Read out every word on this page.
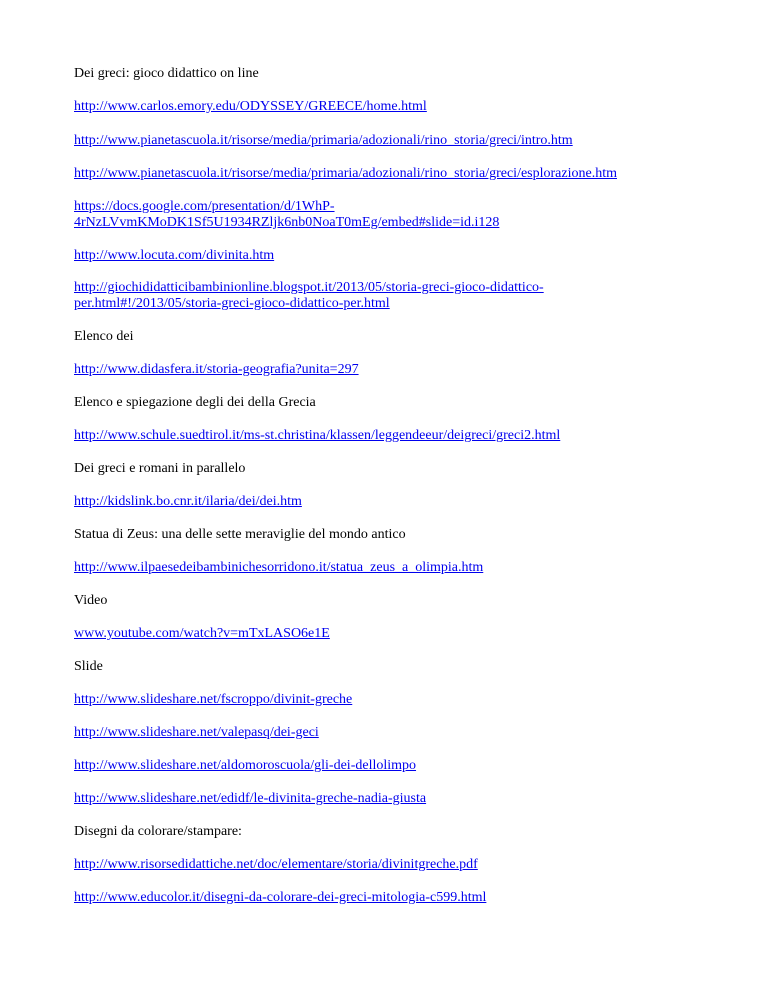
Dei greci: gioco didattico on line
http://www.carlos.emory.edu/ODYSSEY/GREECE/home.html
http://www.pianetascuola.it/risorse/media/primaria/adozionali/rino_storia/greci/intro.htm
http://www.pianetascuola.it/risorse/media/primaria/adozionali/rino_storia/greci/esplorazione.htm
https://docs.google.com/presentation/d/1WhP-
4rNzLVvmKMoDK1Sf5U1934RZljk6nb0NoaT0mEg/embed#slide=id.i128
http://www.locuta.com/divinita.htm
http://giochididatticibambinionline.blogspot.it/2013/05/storia-greci-gioco-didattico-
per.html#!/2013/05/storia-greci-gioco-didattico-per.html
Elenco dei
http://www.didasfera.it/storia-geografia?unita=297
Elenco e spiegazione degli dei della Grecia
http://www.schule.suedtirol.it/ms-st.christina/klassen/leggendeeur/deigreci/greci2.html
Dei greci e romani in parallelo
http://kidslink.bo.cnr.it/ilaria/dei/dei.htm
Statua di Zeus: una delle sette meraviglie del mondo antico
http://www.ilpaesedeibambinichesorridono.it/statua_zeus_a_olimpia.htm
Video
www.youtube.com/watch?v=mTxLASO6e1E
Slide
http://www.slideshare.net/fscroppo/divinit-greche
http://www.slideshare.net/valepasq/dei-geci
http://www.slideshare.net/aldomoroscuola/gli-dei-dellolimpo
http://www.slideshare.net/edidf/le-divinita-greche-nadia-giusta
Disegni da colorare/stampare:
http://www.risorsedidattiche.net/doc/elementare/storia/divinitgreche.pdf
http://www.educolor.it/disegni-da-colorare-dei-greci-mitologia-c599.html
